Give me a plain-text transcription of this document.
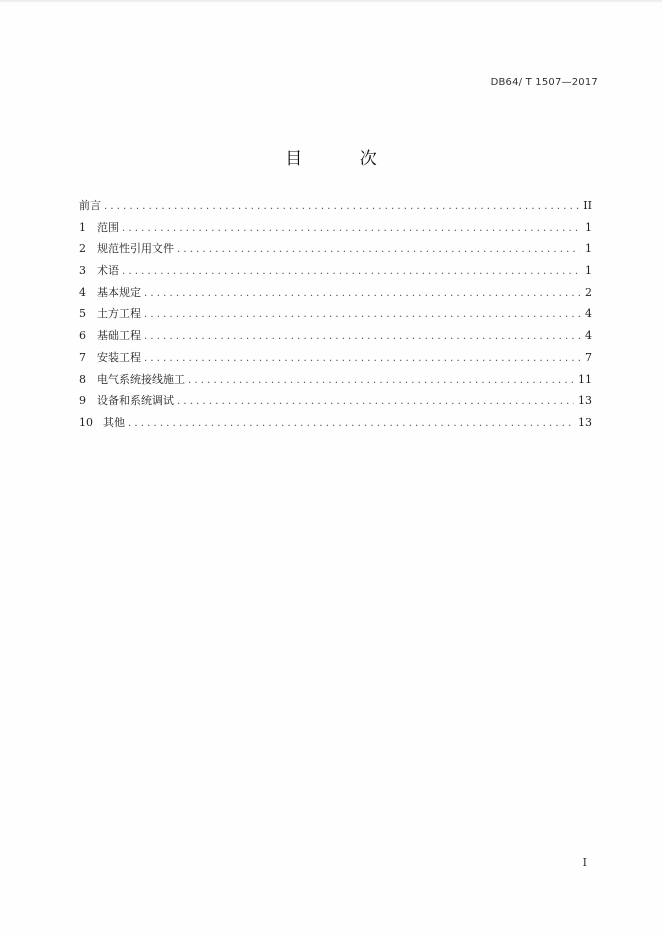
DB64/ T 1507—2017
目 次
前言 .....	II
1	范围 .....	1
2	规范性引用文件 .....	1
3	术语 .....	1
4	基本规定 .....	2
5	土方工程 .....	4
6	基础工程 .....	4
7	安装工程 .....	7
8	电气系统接线施工 .....	11
9	设备和系统调试 .....	13
10 其他 .....	13
I
